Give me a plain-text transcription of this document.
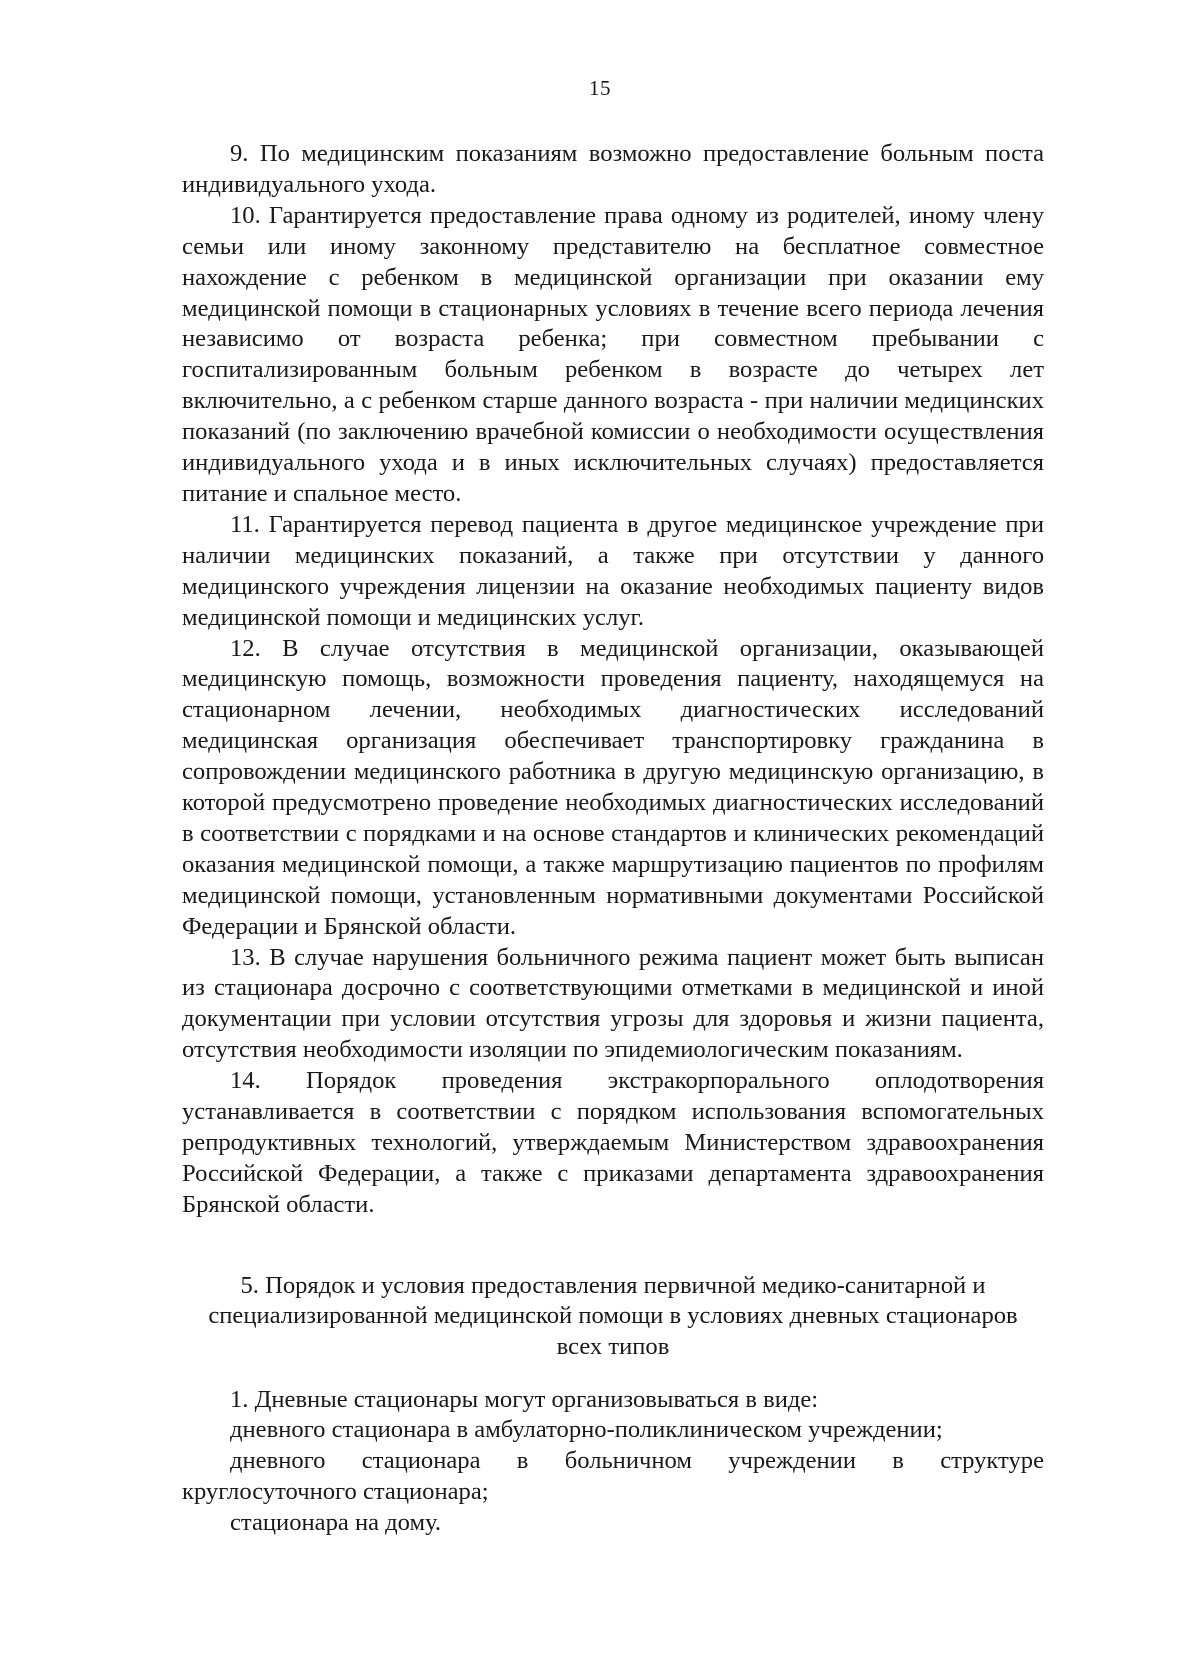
15

9. По медицинским показаниям возможно предоставление больным поста индивидуального ухода.

10. Гарантируется предоставление права одному из родителей, иному члену семьи или иному законному представителю на бесплатное совместное нахождение с ребенком в медицинской организации при оказании ему медицинской помощи в стационарных условиях в течение всего периода лечения независимо от возраста ребенка; при совместном пребывании с госпитализированным больным ребенком в возрасте до четырех лет включительно, а с ребенком старше данного возраста - при наличии медицинских показаний (по заключению врачебной комиссии о необходимости осуществления индивидуального ухода и в иных исключительных случаях) предоставляется питание и спальное место.

11. Гарантируется перевод пациента в другое медицинское учреждение при наличии медицинских показаний, а также при отсутствии у данного медицинского учреждения лицензии на оказание необходимых пациенту видов медицинской помощи и медицинских услуг.

12. В случае отсутствия в медицинской организации, оказывающей медицинскую помощь, возможности проведения пациенту, находящемуся на стационарном лечении, необходимых диагностических исследований медицинская организация обеспечивает транспортировку гражданина в сопровождении медицинского работника в другую медицинскую организацию, в которой предусмотрено проведение необходимых диагностических исследований в соответствии с порядками и на основе стандартов и клинических рекомендаций оказания медицинской помощи, а также маршрутизацию пациентов по профилям медицинской помощи, установленным нормативными документами Российской Федерации и Брянской области.

13. В случае нарушения больничного режима пациент может быть выписан из стационара досрочно с соответствующими отметками в медицинской и иной документации при условии отсутствия угрозы для здоровья и жизни пациента, отсутствия необходимости изоляции по эпидемиологическим показаниям.

14. Порядок проведения экстракорпорального оплодотворения устанавливается в соответствии с порядком использования вспомогательных репродуктивных технологий, утверждаемым Министерством здравоохранения Российской Федерации, а также с приказами департамента здравоохранения Брянской области.

5. Порядок и условия предоставления первичной медико-санитарной и специализированной медицинской помощи в условиях дневных стационаров всех типов

1. Дневные стационары могут организовываться в виде:

дневного стационара в амбулаторно-поликлиническом учреждении;

дневного стационара в больничном учреждении в структуре круглосуточного стационара;

стационара на дому.
